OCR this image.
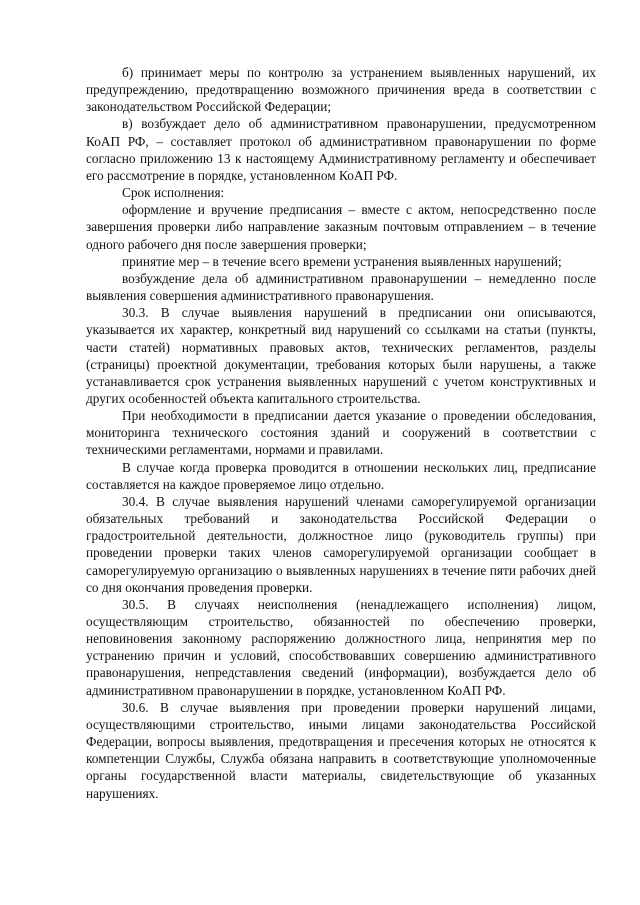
б) принимает меры по контролю за устранением выявленных нарушений, их предупреждению, предотвращению возможного причинения вреда в соответствии с законодательством Российской Федерации;

в) возбуждает дело об административном правонарушении, предусмотренном КоАП РФ, – составляет протокол об административном правонарушении по форме согласно приложению 13 к настоящему Административному регламенту и обеспечивает его рассмотрение в порядке, установленном КоАП РФ.

Срок исполнения:

оформление и вручение предписания – вместе с актом, непосредственно после завершения проверки либо направление заказным почтовым отправлением – в течение одного рабочего дня после завершения проверки;

принятие мер – в течение всего времени устранения выявленных нарушений;

возбуждение дела об административном правонарушении – немедленно после выявления совершения административного правонарушения.

30.3. В случае выявления нарушений в предписании они описываются, указывается их характер, конкретный вид нарушений со ссылками на статьи (пункты, части статей) нормативных правовых актов, технических регламентов, разделы (страницы) проектной документации, требования которых были нарушены, а также устанавливается срок устранения выявленных нарушений с учетом конструктивных и других особенностей объекта капитального строительства.

При необходимости в предписании дается указание о проведении обследования, мониторинга технического состояния зданий и сооружений в соответствии с техническими регламентами, нормами и правилами.

В случае когда проверка проводится в отношении нескольких лиц, предписание составляется на каждое проверяемое лицо отдельно.

30.4. В случае выявления нарушений членами саморегулируемой организации обязательных требований и законодательства Российской Федерации о градостроительной деятельности, должностное лицо (руководитель группы) при проведении проверки таких членов саморегулируемой организации сообщает в саморегулируемую организацию о выявленных нарушениях в течение пяти рабочих дней со дня окончания проведения проверки.

30.5. В случаях неисполнения (ненадлежащего исполнения) лицом, осуществляющим строительство, обязанностей по обеспечению проверки, неповиновения законному распоряжению должностного лица, непринятия мер по устранению причин и условий, способствовавших совершению административного правонарушения, непредставления сведений (информации), возбуждается дело об административном правонарушении в порядке, установленном КоАП РФ.

30.6. В случае выявления при проведении проверки нарушений лицами, осуществляющими строительство, иными лицами законодательства Российской Федерации, вопросы выявления, предотвращения и пресечения которых не относятся к компетенции Службы, Служба обязана направить в соответствующие уполномоченные органы государственной власти материалы, свидетельствующие об указанных нарушениях.
